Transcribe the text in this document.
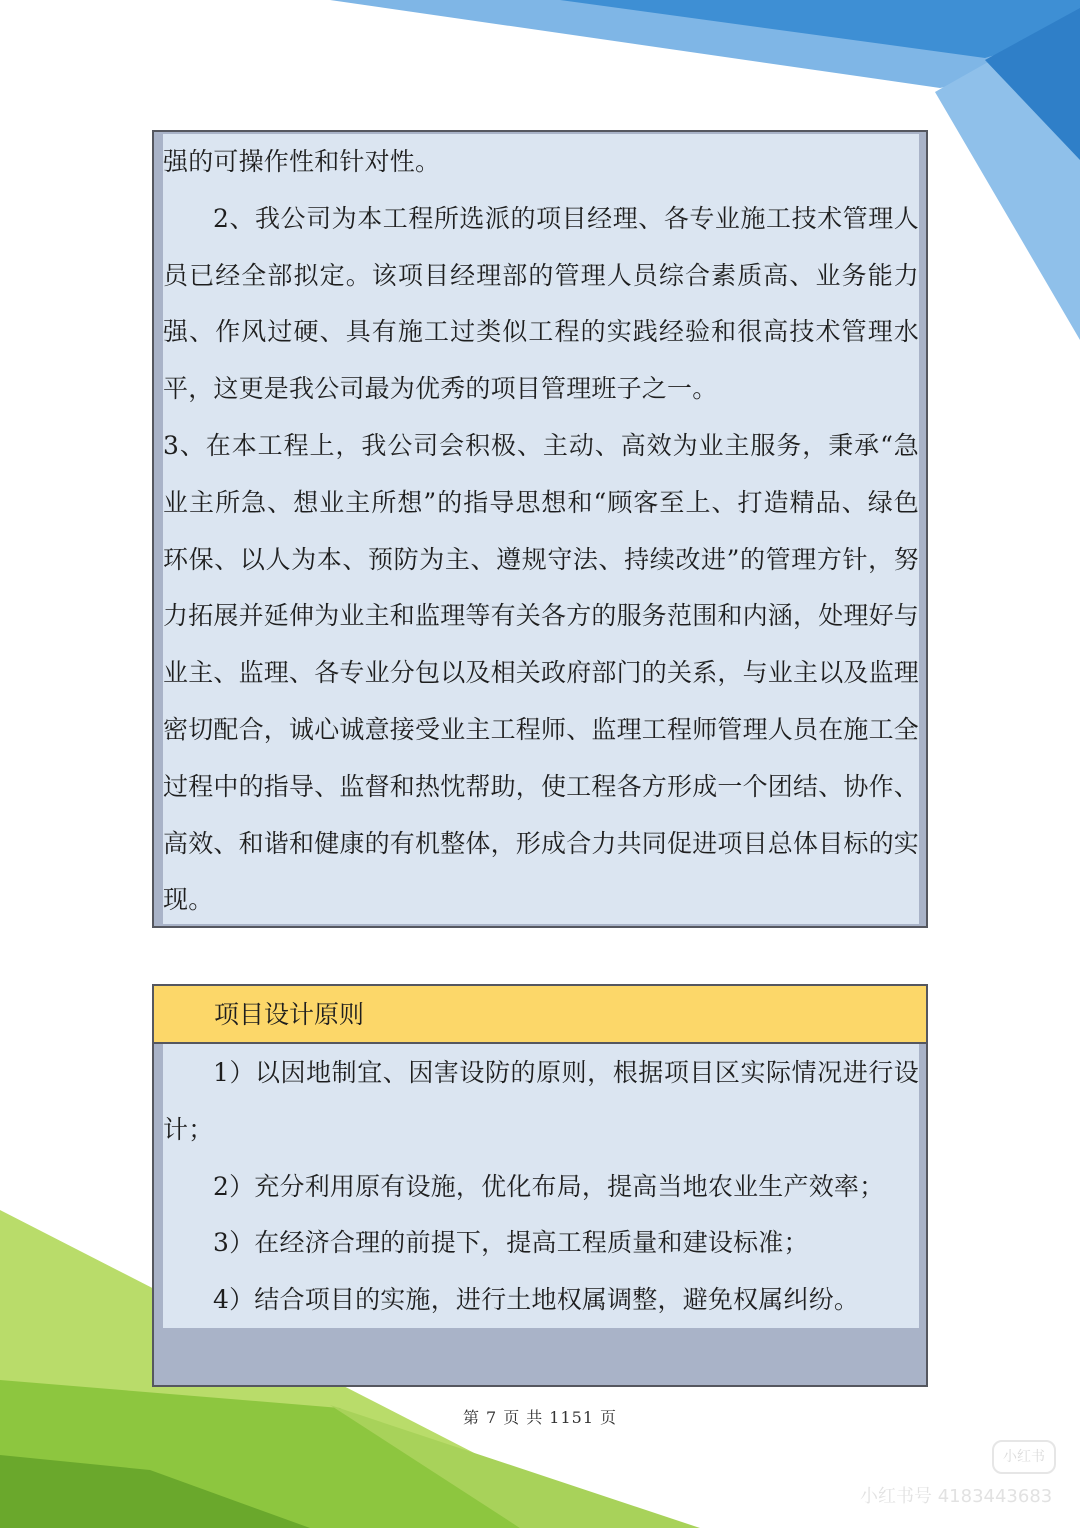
强的可操作性和针对性。

2、我公司为本工程所选派的项目经理、各专业施工技术管理人员已经全部拟定。该项目经理部的管理人员综合素质高、业务能力强、作风过硬、具有施工过类似工程的实践经验和很高技术管理水平，这更是我公司最为优秀的项目管理班子之一。

3、在本工程上，我公司会积极、主动、高效为业主服务，秉承“急业主所急、想业主所想”的指导思想和“顾客至上、打造精品、绿色环保、以人为本、预防为主、遵规守法、持续改进”的管理方针，努力拓展并延伸为业主和监理等有关各方的服务范围和内涵，处理好与业主、监理、各专业分包以及相关政府部门的关系，与业主以及监理密切配合，诚心诚意接受业主工程师、监理工程师管理人员在施工全过程中的指导、监督和热忱帮助，使工程各方形成一个团结、协作、高效、和谐和健康的有机整体，形成合力共同促进项目总体目标的实现。

项目设计原则

1）以因地制宜、因害设防的原则，根据项目区实际情况进行设计；

2）充分利用原有设施，优化布局，提高当地农业生产效率；

3）在经济合理的前提下，提高工程质量和建设标准；

4）结合项目的实施，进行土地权属调整，避免权属纠纷。

第 7 页 共 1151 页
小红书
小红书号 4183443683
